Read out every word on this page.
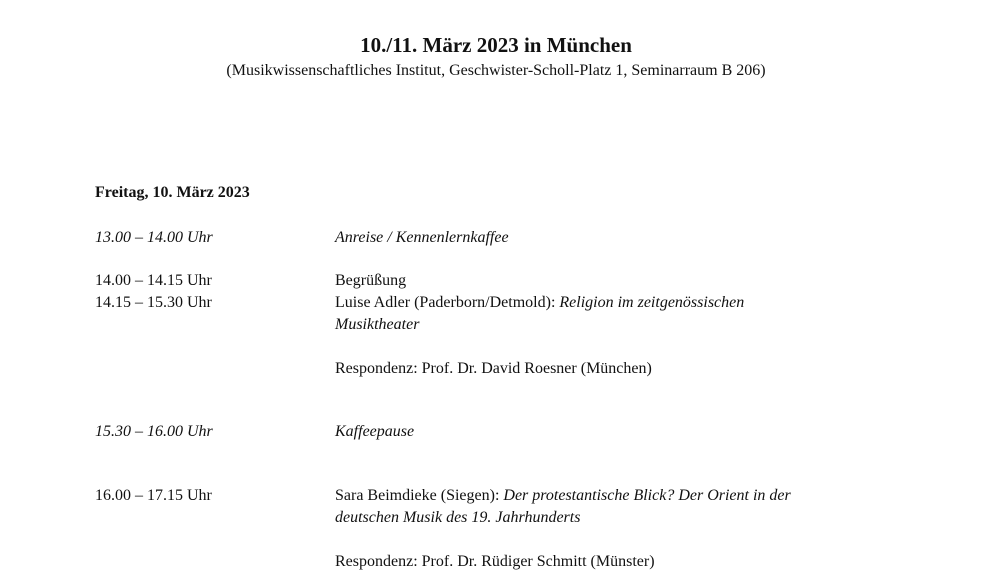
10./11. März 2023 in München
(Musikwissenschaftliches Institut, Geschwister-Scholl-Platz 1, Seminarraum B 206)
Freitag, 10. März 2023
13.00 – 14.00 Uhr	Anreise / Kennenlernkaffee
14.00 – 14.15 Uhr	Begrüßung
14.15 – 15.30 Uhr	Luise Adler (Paderborn/Detmold): Religion im zeitgenössischen
Musiktheater
Respondenz: Prof. Dr. David Roesner (München)
15.30 – 16.00 Uhr	Kaffeepause
16.00 – 17.15 Uhr	Sara Beimdieke (Siegen): Der protestantische Blick? Der Orient in der
deutschen Musik des 19. Jahrhunderts
Respondenz: Prof. Dr. Rüdiger Schmitt (Münster)
